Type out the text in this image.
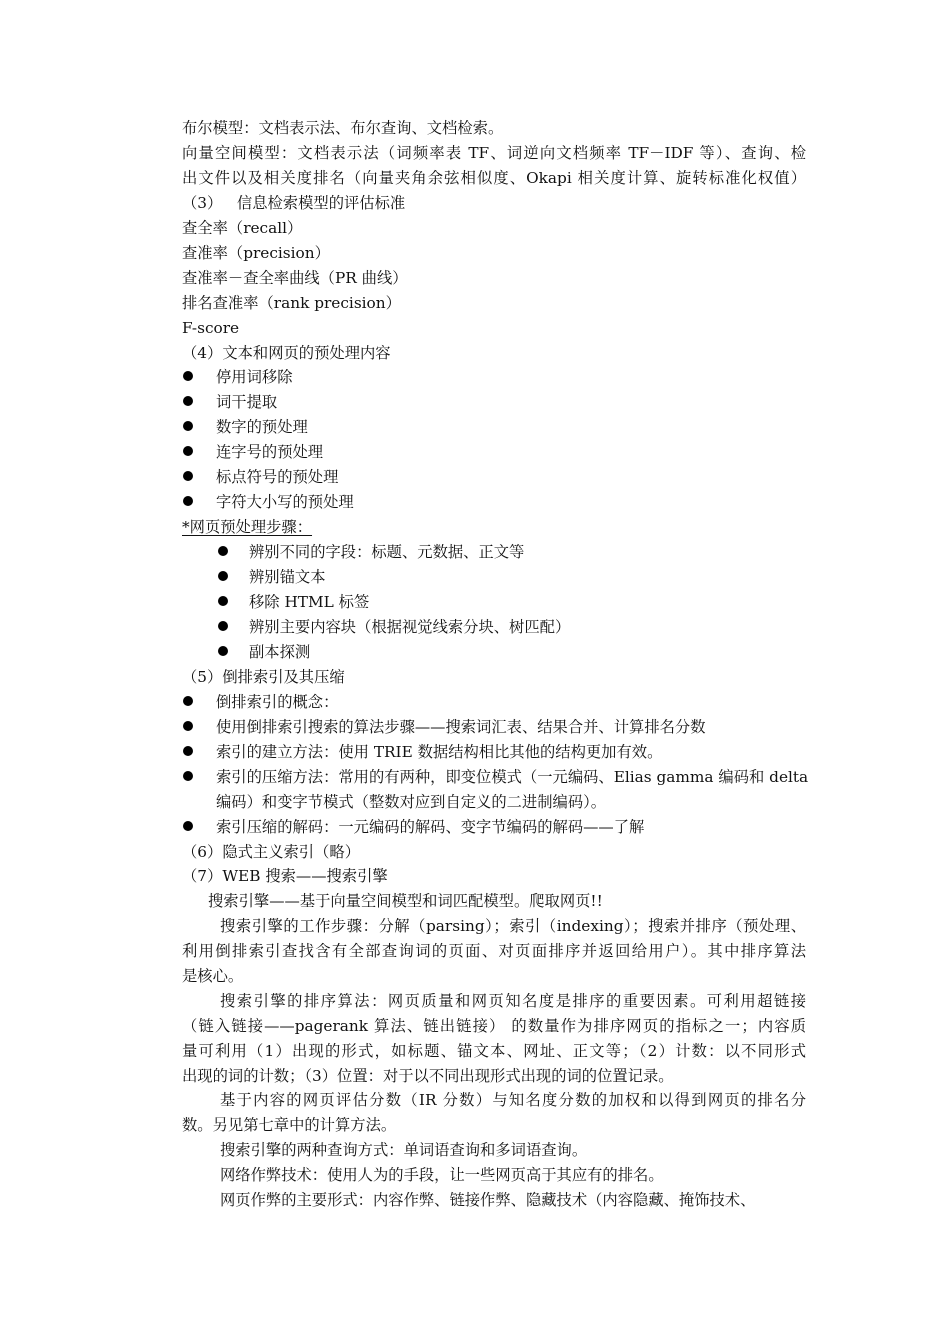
布尔模型：文档表示法、布尔查询、文档检索。
向量空间模型：文档表示法（词频率表 TF、词逆向文档频率 TF－IDF 等）、查询、检
出文件以及相关度排名（向量夹角余弦相似度、Okapi 相关度计算、旋转标准化权值）
（3）   信息检索模型的评估标准
查全率（recall）
查准率（precision）
查准率－查全率曲线（PR 曲线）
排名查准率（rank precision）
F-score
（4）文本和网页的预处理内容
停用词移除
词干提取
数字的预处理
连字号的预处理
标点符号的预处理
字符大小写的预处理
*网页预处理步骤：
辨别不同的字段：标题、元数据、正文等
辨别锚文本
移除 HTML 标签
辨别主要内容块（根据视觉线索分块、树匹配）
副本探测
（5）倒排索引及其压缩
倒排索引的概念：
使用倒排索引搜索的算法步骤——搜索词汇表、结果合并、计算排名分数
索引的建立方法：使用 TRIE 数据结构相比其他的结构更加有效。
索引的压缩方法：常用的有两种，即变位模式（一元编码、Elias gamma 编码和 delta
编码）和变字节模式（整数对应到自定义的二进制编码）。
索引压缩的解码：一元编码的解码、变字节编码的解码——了解
（6）隐式主义索引（略）
（7）WEB 搜索——搜索引擎
搜索引擎——基于向量空间模型和词匹配模型。爬取网页!!
搜索引擎的工作步骤：分解（parsing）；索引（indexing）；搜索并排序（预处理、
利用倒排索引查找含有全部查询词的页面、对页面排序并返回给用户）。其中排序算法
是核心。
搜索引擎的排序算法：网页质量和网页知名度是排序的重要因素。可利用超链接
（链入链接——pagerank 算法、链出链接） 的数量作为排序网页的指标之一；内容质
量可利用（1）出现的形式，如标题、锚文本、网址、正文等；（2）计数：以不同形式
出现的词的计数；（3）位置：对于以不同出现形式出现的词的位置记录。
基于内容的网页评估分数（IR 分数）与知名度分数的加权和以得到网页的排名分
数。另见第七章中的计算方法。
搜索引擎的两种查询方式：单词语查询和多词语查询。
网络作弊技术：使用人为的手段，让一些网页高于其应有的排名。
网页作弊的主要形式：内容作弊、链接作弊、隐藏技术（内容隐藏、掩饰技术、
